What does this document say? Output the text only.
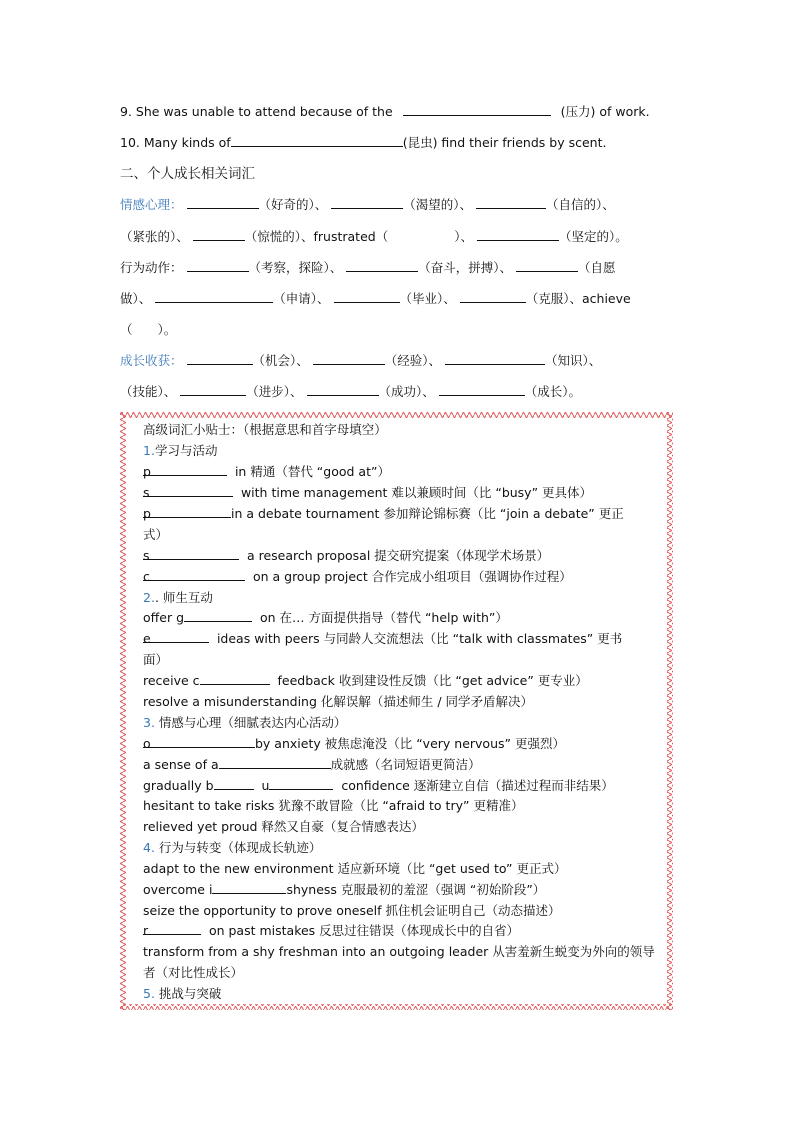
9. She was unable to attend because of the	(压力) of work.
10. Many kinds of	(昆虫) find their friends by scent.
二、个人成长相关词汇
情感心理：	（好奇的）、	（渴望的）、	（自信的）、
（紧张的）、	（惊慌的）、frustrated（	）、	（坚定的）。
行为动作：	（考察，探险）、	（奋斗，拼搏）、	（自愿
做）、	（申请）、	（毕业）、	（克服）、achieve
（　　）。
成长收获：	（机会）、	（经验）、	（知识）、
（技能）、	（进步）、	（成功）、	（成长）。
高级词汇小贴士：（根据意思和首字母填空）
1.学习与活动
p	in 精通（替代 “good at”）
s	with time management 难以兼顾时间（比 “busy” 更具体）
p	in a debate tournament 参加辩论锦标赛（比 “join a debate” 更正
式）
s	a research proposal 提交研究提案（体现学术场景）
c	on a group project 合作完成小组项目（强调协作过程）
2.. 师生互动
offer g	on 在… 方面提供指导（替代 “help with”）
e	ideas with peers 与同龄人交流想法（比 “talk with classmates” 更书
面）
receive c	feedback 收到建设性反馈（比 “get advice” 更专业）
resolve a misunderstanding 化解误解（描述师生 / 同学矛盾解决）
3. 情感与心理（细腻表达内心活动）
o	by anxiety 被焦虑淹没（比 “very nervous” 更强烈）
a sense of a	成就感（名词短语更简洁）
gradually b	u	confidence 逐渐建立自信（描述过程而非结果）
hesitant to take risks 犹豫不敢冒险（比 “afraid to try” 更精准）
relieved yet proud 释然又自豪（复合情感表达）
4. 行为与转变（体现成长轨迹）
adapt to the new environment 适应新环境（比 “get used to” 更正式）
overcome i	shyness 克服最初的羞涩（强调 “初始阶段”）
seize the opportunity to prove oneself 抓住机会证明自己（动态描述）
r	on past mistakes 反思过往错误（体现成长中的自省）
transform from a shy freshman into an outgoing leader 从害羞新生蜕变为外向的领导
者（对比性成长）
5. 挑战与突破
